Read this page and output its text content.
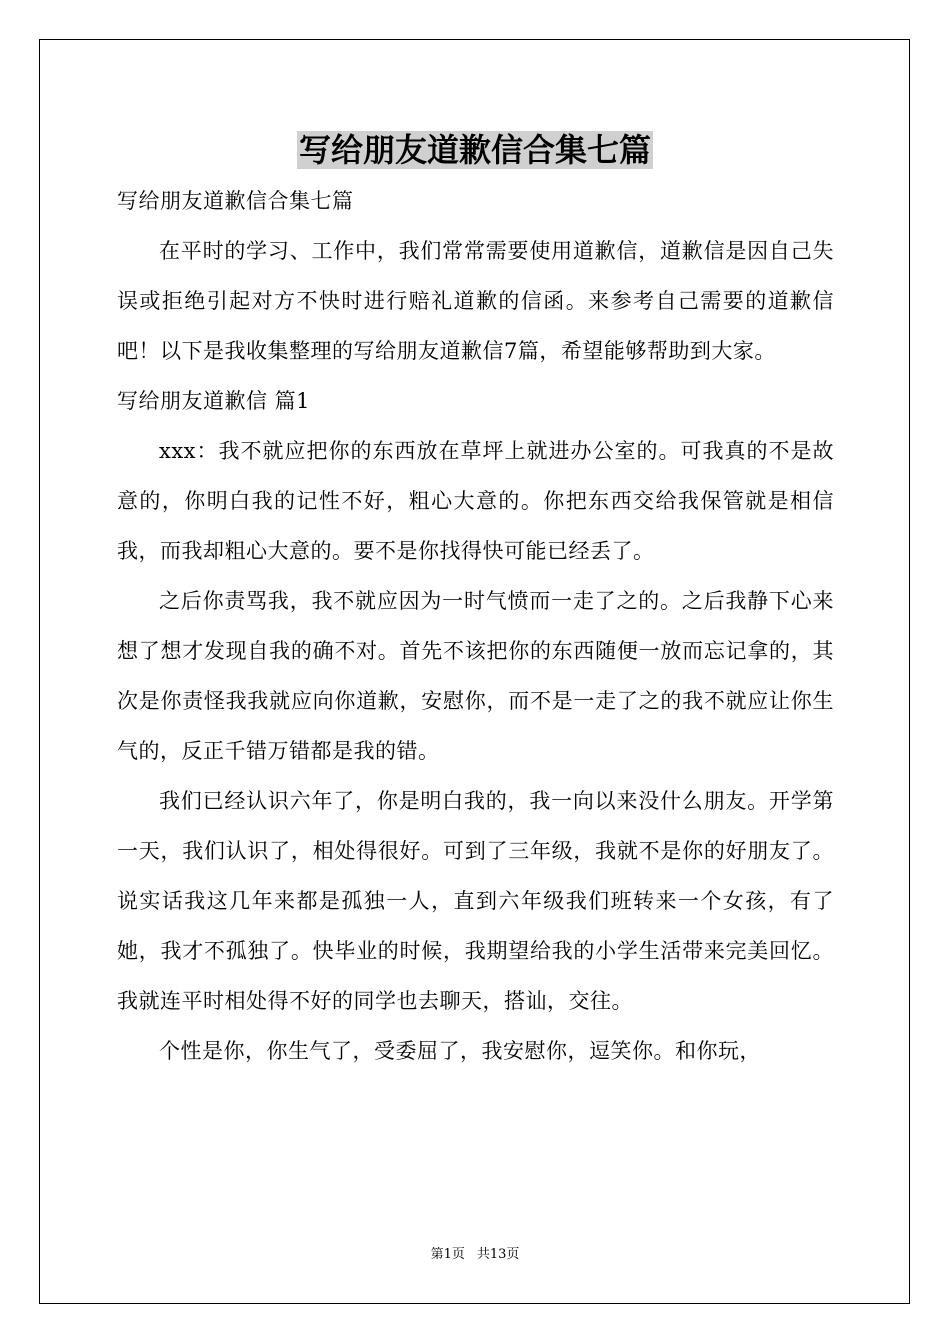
写给朋友道歉信合集七篇

写给朋友道歉信合集七篇

在平时的学习、工作中，我们常常需要使用道歉信，道歉信是因自己失误或拒绝引起对方不快时进行赔礼道歉的信函。来参考自己需要的道歉信吧！以下是我收集整理的写给朋友道歉信7篇，希望能够帮助到大家。

写给朋友道歉信 篇1

xxx：我不就应把你的东西放在草坪上就进办公室的。可我真的不是故意的，你明白我的记性不好，粗心大意的。你把东西交给我保管就是相信我，而我却粗心大意的。要不是你找得快可能已经丢了。

之后你责骂我，我不就应因为一时气愤而一走了之的。之后我静下心来想了想才发现自我的确不对。首先不该把你的东西随便一放而忘记拿的，其次是你责怪我我就应向你道歉，安慰你，而不是一走了之的我不就应让你生气的，反正千错万错都是我的错。

我们已经认识六年了，你是明白我的，我一向以来没什么朋友。开学第一天，我们认识了，相处得很好。可到了三年级，我就不是你的好朋友了。说实话我这几年来都是孤独一人，直到六年级我们班转来一个女孩，有了她，我才不孤独了。快毕业的时候，我期望给我的小学生活带来完美回忆。我就连平时相处得不好的同学也去聊天，搭讪，交往。

个性是你，你生气了，受委屈了，我安慰你，逗笑你。和你玩，

第1页 共13页
